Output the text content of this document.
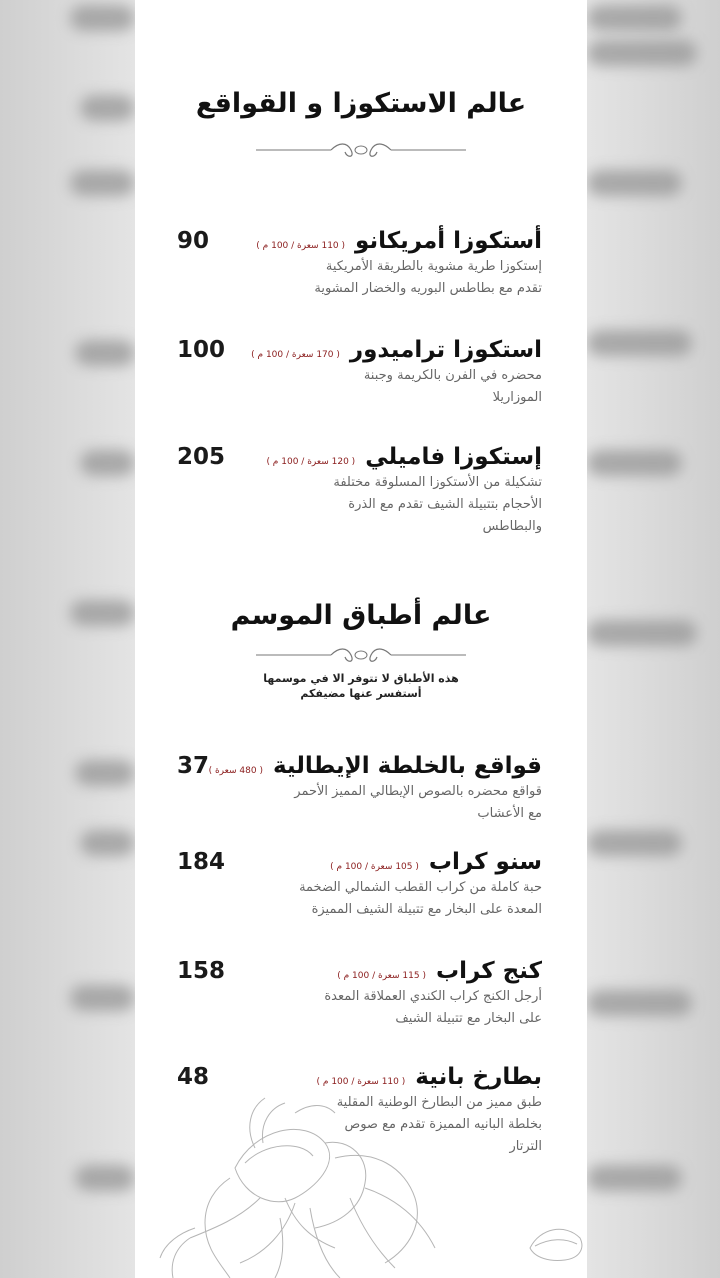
عالم الاستكوزا و القواقع
90	أستكوزا أمريكانو
( 110 سعرة / 100 م )
إستكوزا طرية مشوية بالطريقة الأمريكية
تقدم مع بطاطس البوريه والخضار المشوية
100	استكوزا تراميدور
( 170 سعرة / 100 م )
محضره في الفرن بالكريمة وجبنة
الموزاريلا
205	إستكوزا فاميلي
( 120 سعرة / 100 م )
تشكيلة من الأستكوزا المسلوقة مختلفة
الأحجام بتتبيلة الشيف تقدم مع الذرة
والبطاطس
عالم أطباق الموسم
هذه الأطباق لا تتوفر الا في موسمها
أستفسر عنها مضيفكم
37	قواقع بالخلطة الإيطالية
( 480 سعرة )
قواقع محضره بالصوص الإيطالي المميز الأحمر
مع الأعشاب
184	سنو كراب
( 105 سعرة / 100 م )
حبة كاملة من كراب القطب الشمالي الضخمة
المعدة على البخار مع تتبيلة الشيف المميزة
158	كنج كراب
( 115 سعرة / 100 م )
أرجل الكنج كراب الكندي العملاقة المعدة
على البخار مع تتبيلة الشيف
48	بطارخ بانية
( 110 سعرة / 100 م )
طبق مميز من البطارخ الوطنية المقلية
بخلطة البانيه المميزة تقدم مع صوص
الترتار
